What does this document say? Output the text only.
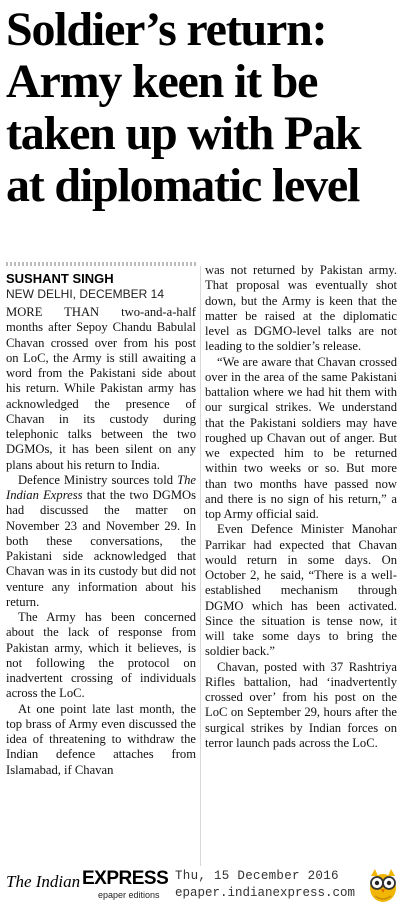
Soldier’s return: Army keen it be taken up with Pak at diplomatic level
SUSHANT SINGH
NEW DELHI, DECEMBER 14

MORE THAN two-and-a-half months after Sepoy Chandu Babulal Chavan crossed over from his post on LoC, the Army is still awaiting a word from the Pakistani side about his return. While Pakistan army has acknowledged the presence of Chavan in its custody during telephonic talks between the two DGMOs, it has been silent on any plans about his return to India.

Defence Ministry sources told The Indian Express that the two DGMOs had discussed the matter on November 23 and November 29. In both these conversations, the Pakistani side acknowledged that Chavan was in its custody but did not venture any information about his return.

The Army has been concerned about the lack of response from Pakistan army, which it believes, is not following the protocol on inadvertent crossing of individuals across the LoC.

At one point late last month, the top brass of Army even discussed the idea of threatening to withdraw the Indian defence attaches from Islamabad, if Chavan

was not returned by Pakistan army. That proposal was eventually shot down, but the Army is keen that the matter be raised at the diplomatic level as DGMO-level talks are not leading to the soldier’s release.

“We are aware that Chavan crossed over in the area of the same Pakistani battalion where we had hit them with our surgical strikes. We understand that the Pakistani soldiers may have roughed up Chavan out of anger. But we expected him to be returned within two weeks or so. But more than two months have passed now and there is no sign of his return,” a top Army official said.

Even Defence Minister Manohar Parrikar had expected that Chavan would return in some days. On October 2, he said, “There is a well-established mechanism through DGMO which has been activated. Since the situation is tense now, it will take some days to bring the soldier back.”

Chavan, posted with 37 Rashtriya Rifles battalion, had ‘inadvertently crossed over’ from his post on the LoC on September 29, hours after the surgical strikes by Indian forces on terror launch pads across the LoC.

The Indian EXPRESS
epaper editions
Thu, 15 December 2016
epaper.indianexpress.com
